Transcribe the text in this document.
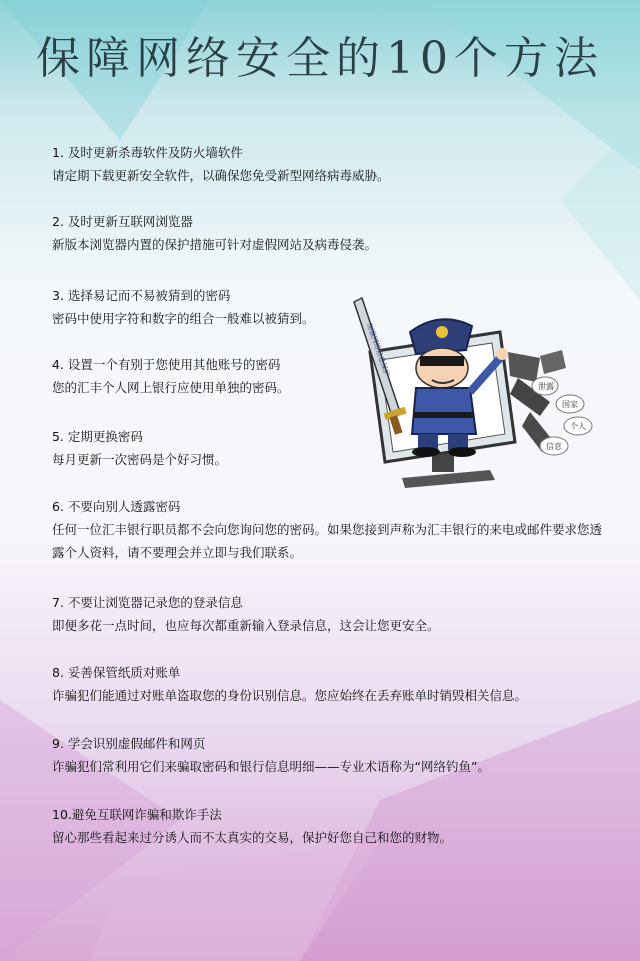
保障网络安全的10个方法
1. 及时更新杀毒软件及防火墙软件
请定期下载更新安全软件，以确保您免受新型网络病毒威胁。
2. 及时更新互联网浏览器
新版本浏览器内置的保护措施可针对虚假网站及病毒侵袭。
3. 选择易记而不易被猜到的密码
密码中使用字符和数字的组合一般难以被猜到。
4. 设置一个有别于您使用其他账号的密码
您的汇丰个人网上银行应使用单独的密码。
5. 定期更换密码
每月更新一次密码是个好习惯。
6. 不要向别人透露密码
任何一位汇丰银行职员都不会向您询问您的密码。如果您接到声称为汇丰银行的来电或邮件要求您透露个人资料，请不要理会并立即与我们联系。
7. 不要让浏览器记录您的登录信息
即便多花一点时间，也应每次都重新输入登录信息，这会让您更安全。
8. 妥善保管纸质对账单
诈骗犯们能通过对账单盗取您的身份识别信息。您应始终在丢弃账单时销毁相关信息。
9. 学会识别虚假邮件和网页
诈骗犯们常利用它们来骗取密码和银行信息明细——专业术语称为“网络钓鱼”。
10.避免互联网诈骗和欺诈手法
留心那些看起来过分诱人而不太真实的交易，保护好您自己和您的财物。
加强网络信息保护
泄露
国家
个人
信息
